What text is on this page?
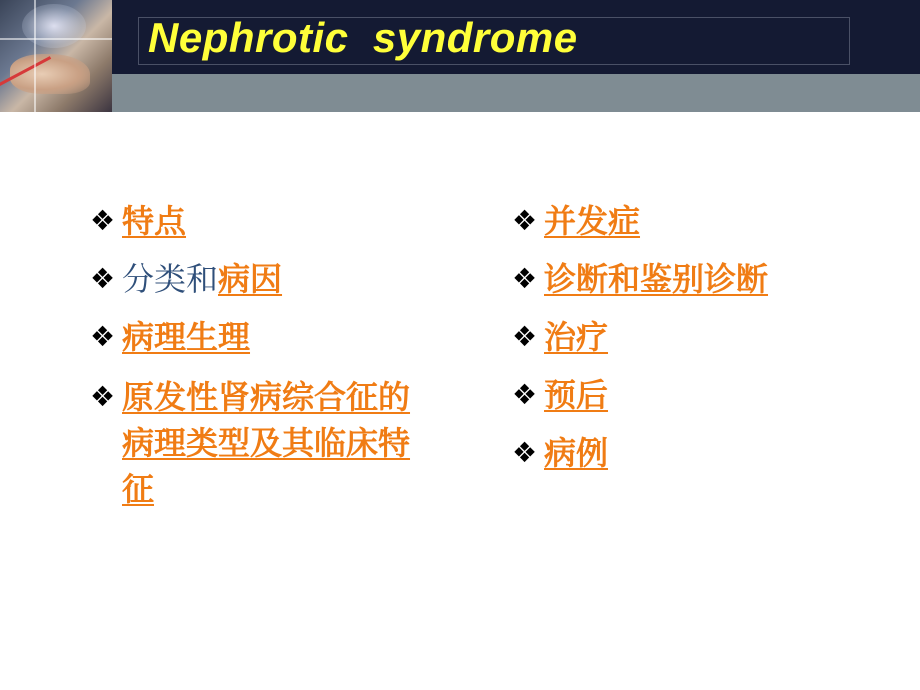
Nephrotic  syndrome
❖ 特点
❖ 分类和病因
❖ 病理生理
❖ 原发性肾病综合征的病理类型及其临床特征
❖ 并发症
❖ 诊断和鉴别诊断
❖ 治疗
❖ 预后
❖ 病例
